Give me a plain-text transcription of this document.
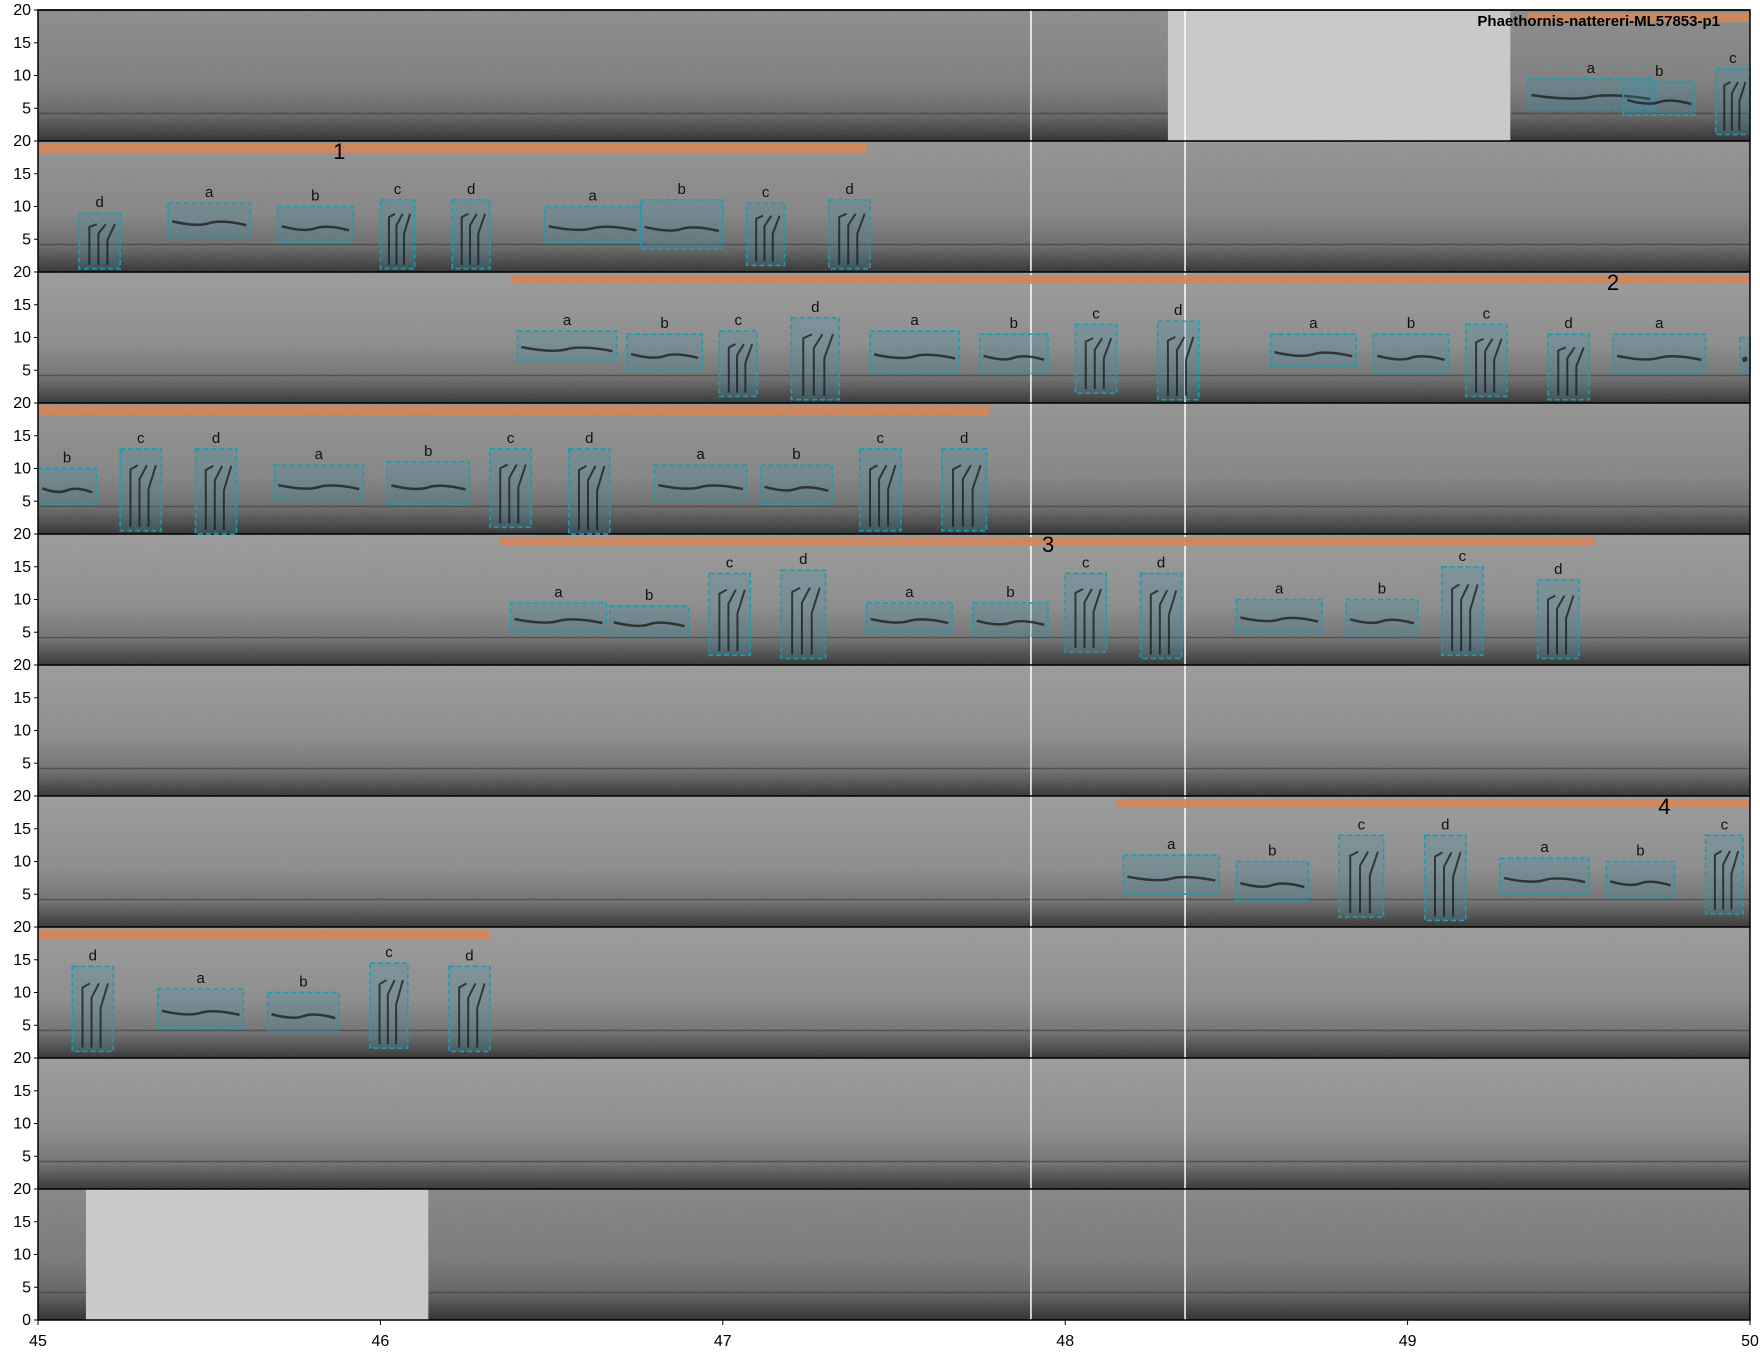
a	b
c
1
d
a	b	c	d	a	b	c	d
2
a	b	c
d
a	b
c	d
a	b
c
d	a
b
c	d
a	b
c	d
a	b
c	d
3
a	b
c	d
a	b
c	d
a	b
c
d
4
a	b
c	d
a	b
c
d
a	b
c	d
5
10
15
20
5
10
15
20
5
10
15
20
5
10
15
20
5
10
15
20
5
10
15
20
5
10
15
20
5
10
15
20
5
10
15
20
0
5
10
15
20
45	46	47	48	49	50
Phaethornis-nattereri-ML57853-p1
